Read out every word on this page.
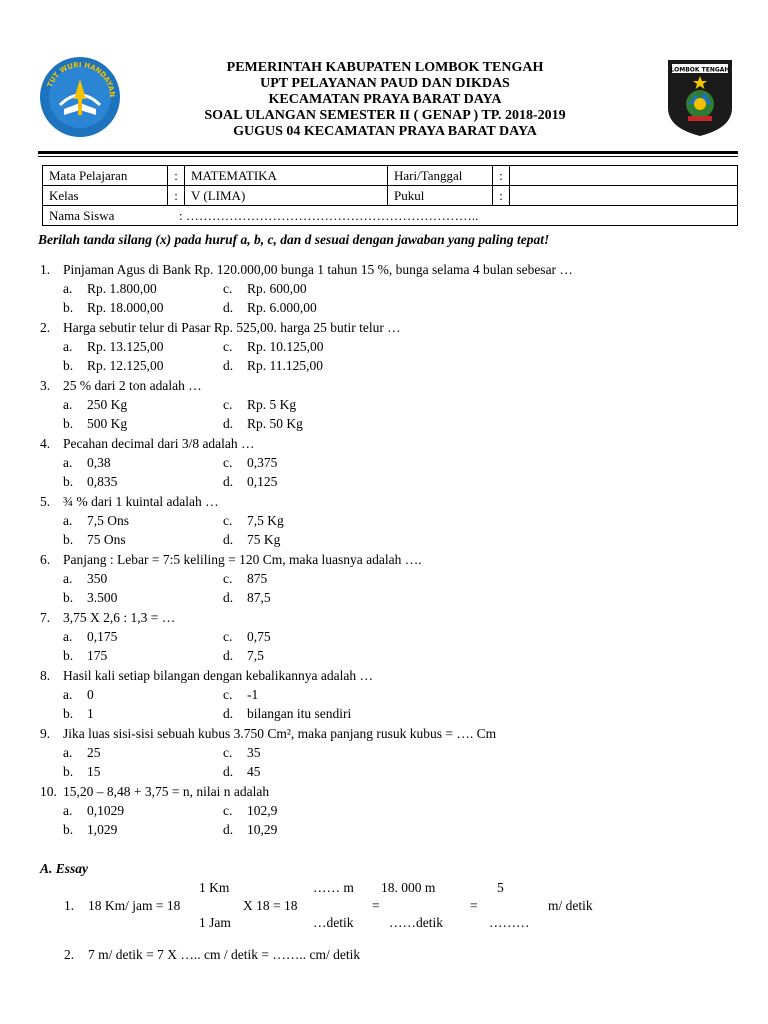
TUT WURI HANDAYAN
LOMBOK TENGAH
PEMERINTAH KABUPATEN LOMBOK TENGAH
UPT PELAYANAN PAUD DAN DIKDAS
KECAMATAN PRAYA BARAT DAYA
SOAL ULANGAN SEMESTER II ( GENAP ) TP. 2018-2019
GUGUS 04 KECAMATAN PRAYA BARAT DAYA
Mata Pelajaran	:	MATEMATIKA	Hari/Tanggal	:	
Kelas	:	V (LIMA)	Pukul	:	
Nama Siswa : …………………………………………………………..					
Berilah tanda silang (x) pada huruf a, b, c, dan d sesuai dengan jawaban yang paling tepat!
1. Pinjaman Agus di Bank Rp. 120.000,00 bunga 1 tahun 15 %, bunga selama 4 bulan sebesar …
a. Rp. 1.800,00	c. Rp. 600,00
b. Rp. 18.000,00	d. Rp. 6.000,00
2. Harga sebutir telur di Pasar Rp. 525,00. harga 25 butir telur …
a. Rp. 13.125,00	c. Rp. 10.125,00
b. Rp. 12.125,00	d. Rp. 11.125,00
3. 25 % dari 2 ton adalah …
a. 250 Kg	c. Rp. 5 Kg
b. 500 Kg	d. Rp. 50 Kg
4. Pecahan decimal dari 3/8 adalah …
a. 0,38	c. 0,375
b. 0,835	d. 0,125
5. ¾ % dari 1 kuintal adalah …
a. 7,5 Ons	c. 7,5 Kg
b. 75 Ons	d. 75 Kg
6. Panjang : Lebar = 7:5 keliling = 120 Cm, maka luasnya adalah ….
a. 350	c. 875
b. 3.500	d. 87,5
7. 3,75 X 2,6 : 1,3 = …
a. 0,175	c. 0,75
b. 175	d. 7,5
8. Hasil kali setiap bilangan dengan kebalikannya adalah …
a. 0	c. -1
b. 1	d. bilangan itu sendiri
9. Jika luas sisi-sisi sebuah kubus 3.750 Cm², maka panjang rusuk kubus = …. Cm
a. 25	c. 35
b. 15	d. 45
10. 15,20 – 8,48 + 3,75 = n, nilai n adalah
a. 0,1029	c. 102,9
b. 1,029	d. 10,29
A. Essay
1 Km	…… m 18. 000 m	5
1. 18 Km/ jam = 18	X 18 = 18	=	=	m/ detik
1 Jam	…detik	……detik	………
2. 7 m/ detik = 7 X ….. cm / detik = …….. cm/ detik
